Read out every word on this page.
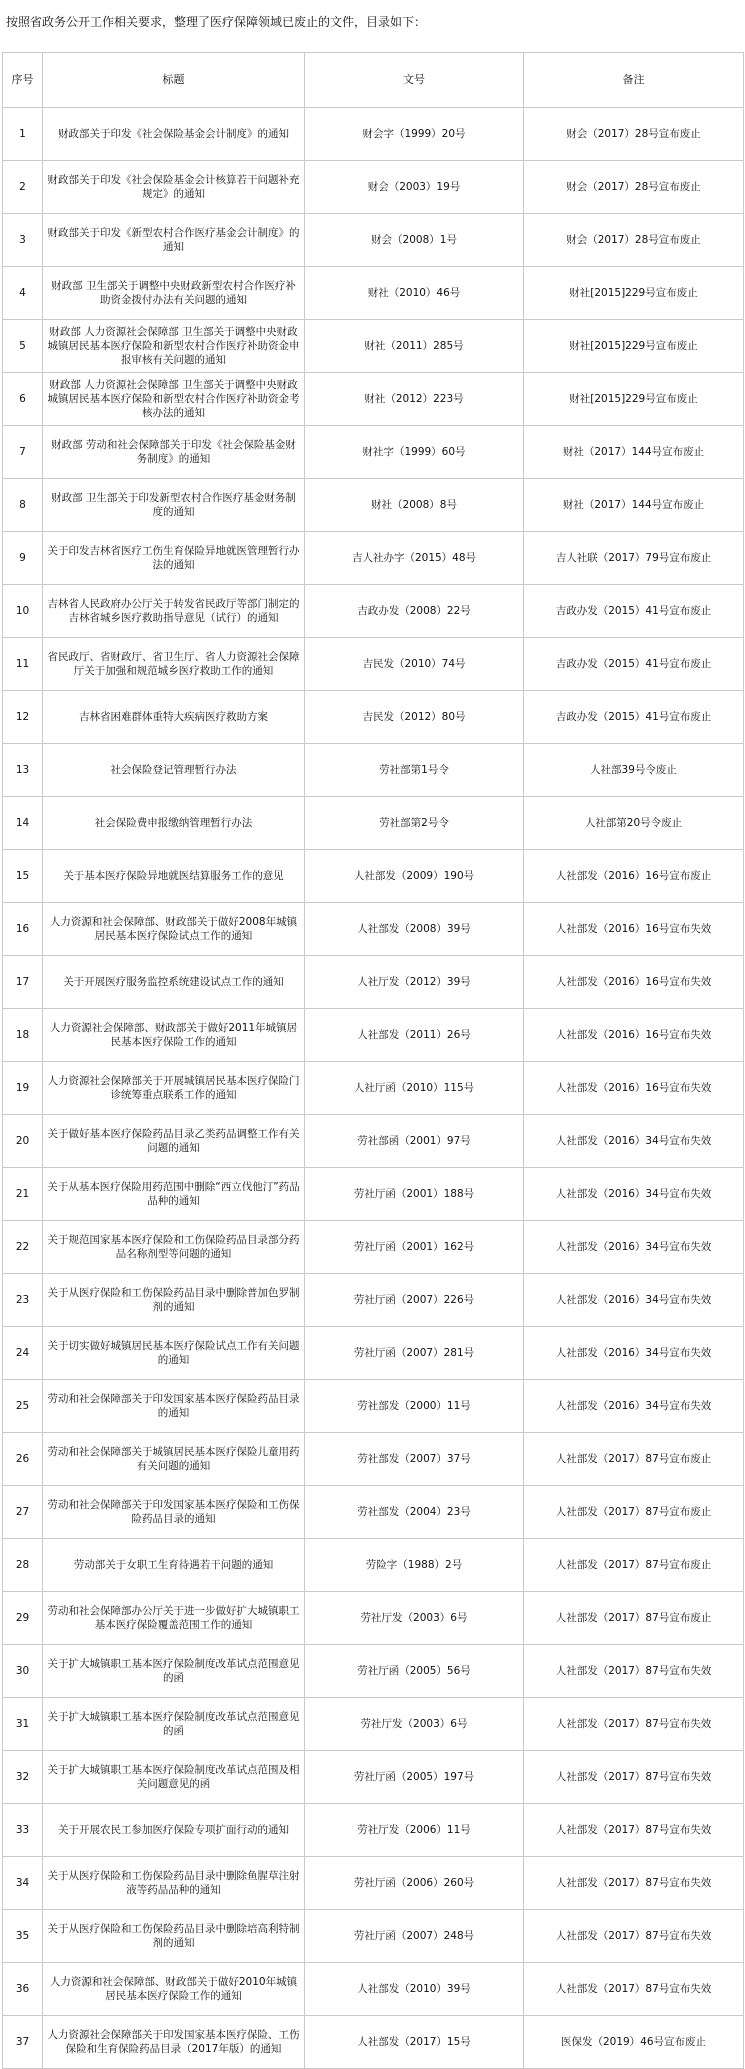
按照省政务公开工作相关要求，整理了医疗保障领域已废止的文件，目录如下：
序号	标题	文号	备注
1	财政部关于印发《社会保险基金会计制度》的通知	财会字（1999）20号	财会（2017）28号宣布废止
2	财政部关于印发《社会保险基金会计核算若干问题补充规定》的通知	财会（2003）19号	财会（2017）28号宣布废止
3	财政部关于印发《新型农村合作医疗基金会计制度》的通知	财会（2008）1号	财会（2017）28号宣布废止
4	财政部 卫生部关于调整中央财政新型农村合作医疗补助资金拨付办法有关问题的通知	财社（2010）46号	财社[2015]229号宣布废止
5	财政部 人力资源社会保障部 卫生部关于调整中央财政城镇居民基本医疗保险和新型农村合作医疗补助资金申报审核有关问题的通知	财社（2011）285号	财社[2015]229号宣布废止
6	财政部 人力资源社会保障部 卫生部关于调整中央财政城镇居民基本医疗保险和新型农村合作医疗补助资金考核办法的通知	财社（2012）223号	财社[2015]229号宣布废止
7	财政部 劳动和社会保障部关于印发《社会保险基金财务制度》的通知	财社字（1999）60号	财社（2017）144号宣布废止
8	财政部 卫生部关于印发新型农村合作医疗基金财务制度的通知	财社（2008）8号	财社（2017）144号宣布废止
9	关于印发吉林省医疗工伤生育保险异地就医管理暂行办法的通知	吉人社办字（2015）48号	吉人社联（2017）79号宣布废止
10	吉林省人民政府办公厅关于转发省民政厅等部门制定的吉林省城乡医疗救助指导意见（试行）的通知	吉政办发（2008）22号	吉政办发（2015）41号宣布废止
11	省民政厅、省财政厅、省卫生厅、省人力资源社会保障厅关于加强和规范城乡医疗救助工作的通知	吉民发（2010）74号	吉政办发（2015）41号宣布废止
12	吉林省困难群体重特大疾病医疗救助方案	吉民发（2012）80号	吉政办发（2015）41号宣布废止
13	社会保险登记管理暂行办法	劳社部第1号令	人社部39号令废止
14	社会保险费申报缴纳管理暂行办法	劳社部第2号令	人社部第20号令废止
15	关于基本医疗保险异地就医结算服务工作的意见	人社部发（2009）190号	人社部发（2016）16号宣布废止
16	人力资源和社会保障部、财政部关于做好2008年城镇居民基本医疗保险试点工作的通知	人社部发（2008）39号	人社部发（2016）16号宣布失效
17	关于开展医疗服务监控系统建设试点工作的通知	人社厅发（2012）39号	人社部发（2016）16号宣布失效
18	人力资源社会保障部、财政部关于做好2011年城镇居民基本医疗保险工作的通知	人社部发（2011）26号	人社部发（2016）16号宣布失效
19	人力资源社会保障部关于开展城镇居民基本医疗保险门诊统筹重点联系工作的通知	人社厅函（2010）115号	人社部发（2016）16号宣布失效
20	关于做好基本医疗保险药品目录乙类药品调整工作有关问题的通知	劳社部函（2001）97号	人社部发（2016）34号宣布失效
21	关于从基本医疗保险用药范围中删除“西立伐他汀”药品品种的通知	劳社厅函（2001）188号	人社部发（2016）34号宣布失效
22	关于规范国家基本医疗保险和工伤保险药品目录部分药品名称剂型等问题的通知	劳社厅函（2001）162号	人社部发（2016）34号宣布失效
23	关于从医疗保险和工伤保险药品目录中删除普加色罗制剂的通知	劳社厅函（2007）226号	人社部发（2016）34号宣布失效
24	关于切实做好城镇居民基本医疗保险试点工作有关问题的通知	劳社厅函（2007）281号	人社部发（2016）34号宣布失效
25	劳动和社会保障部关于印发国家基本医疗保险药品目录的通知	劳社部发（2000）11号	人社部发（2016）34号宣布失效
26	劳动和社会保障部关于城镇居民基本医疗保险儿童用药有关问题的通知	劳社部发（2007）37号	人社部发（2017）87号宣布废止
27	劳动和社会保障部关于印发国家基本医疗保险和工伤保险药品目录的通知	劳社部发（2004）23号	人社部发（2017）87号宣布废止
28	劳动部关于女职工生育待遇若干问题的通知	劳险字（1988）2号	人社部发（2017）87号宣布废止
29	劳动和社会保障部办公厅关于进一步做好扩大城镇职工基本医疗保险覆盖范围工作的通知	劳社厅发（2003）6号	人社部发（2017）87号宣布废止
30	关于扩大城镇职工基本医疗保险制度改革试点范围意见的函	劳社厅函（2005）56号	人社部发（2017）87号宣布失效
31	关于扩大城镇职工基本医疗保险制度改革试点范围意见的函	劳社厅发（2003）6号	人社部发（2017）87号宣布失效
32	关于扩大城镇职工基本医疗保险制度改革试点范围及相关问题意见的函	劳社厅函（2005）197号	人社部发（2017）87号宣布失效
33	关于开展农民工参加医疗保险专项扩面行动的通知	劳社厅发（2006）11号	人社部发（2017）87号宣布失效
34	关于从医疗保险和工伤保险药品目录中删除鱼腥草注射液等药品品种的通知	劳社厅函（2006）260号	人社部发（2017）87号宣布失效
35	关于从医疗保险和工伤保险药品目录中删除培高利特制剂的通知	劳社厅函（2007）248号	人社部发（2017）87号宣布失效
36	人力资源和社会保障部、财政部关于做好2010年城镇居民基本医疗保险工作的通知	人社部发（2010）39号	人社部发（2017）87号宣布失效
37	人力资源社会保障部关于印发国家基本医疗保险、工伤保险和生育保险药品目录（2017年版）的通知	人社部发（2017）15号	医保发（2019）46号宣布废止
